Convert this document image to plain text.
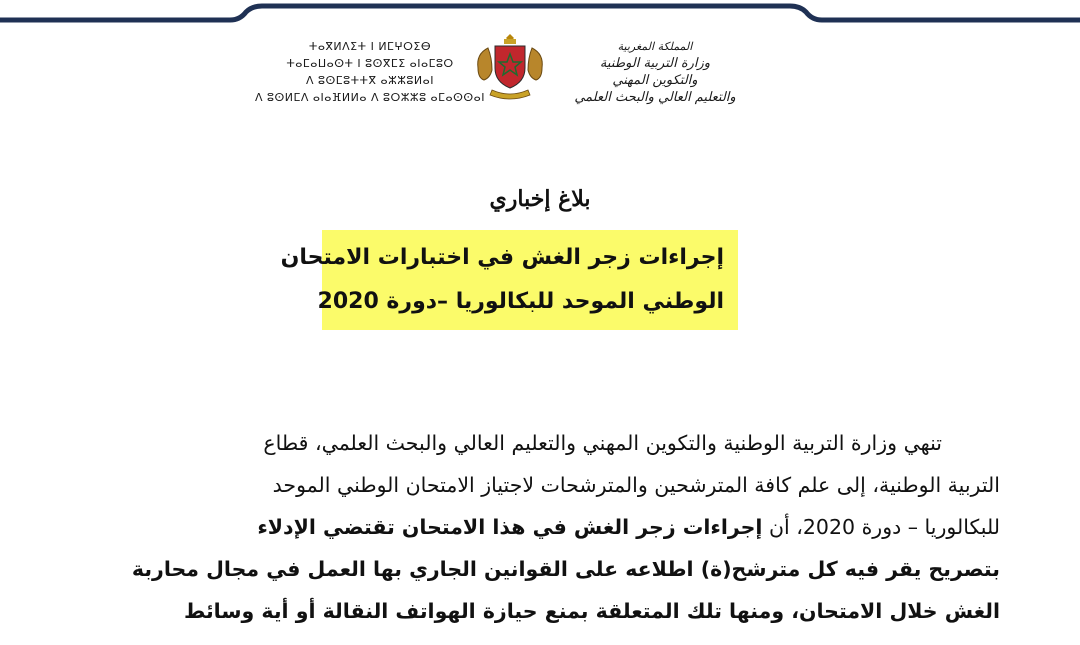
ⵜⴰⴳⵍⴷⵉⵜ ⵏ ⵍⵎⵖⵔⵉⴱ
ⵜⴰⵎⴰⵡⴰⵙⵜ ⵏ ⵓⵙⴳⵎⵉ ⴰⵏⴰⵎⵓⵔ
ⴷ ⵓⵙⵎⵓⵜⵜⴳ ⴰⵣⵣⵓⵍⴰⵏ
ⴷ ⵓⵙⵍⵎⴷ ⴰⵏⴰⴼⵍⵍⴰ ⴷ ⵓⵔⵣⵣⵓ ⴰⵎⴰⵙⵙⴰⵏ
المملكة المغربية
وزارة التربية الوطنية
والتكوين المهني
والتعليم العالي والبحث العلمي
بلاغ إخباري
إجراءات زجر الغش في اختبارات الامتحان
الوطني الموحد للبكالوريا –دورة 2020
تنهي وزارة التربية الوطنية والتكوين المهني والتعليم العالي والبحث العلمي، قطاع
التربية الوطنية، إلى علم كافة المترشحين والمترشحات لاجتياز الامتحان الوطني الموحد
للبكالوريا – دورة 2020، أن إجراءات زجر الغش في هذا الامتحان تقتضي الإدلاء
بتصريح يقر فيه كل مترشح(ة) اطلاعه على القوانين الجاري بها العمل في مجال محاربة
الغش خلال الامتحان، ومنها تلك المتعلقة بمنع حيازة الهواتف النقالة أو أية وسائط
